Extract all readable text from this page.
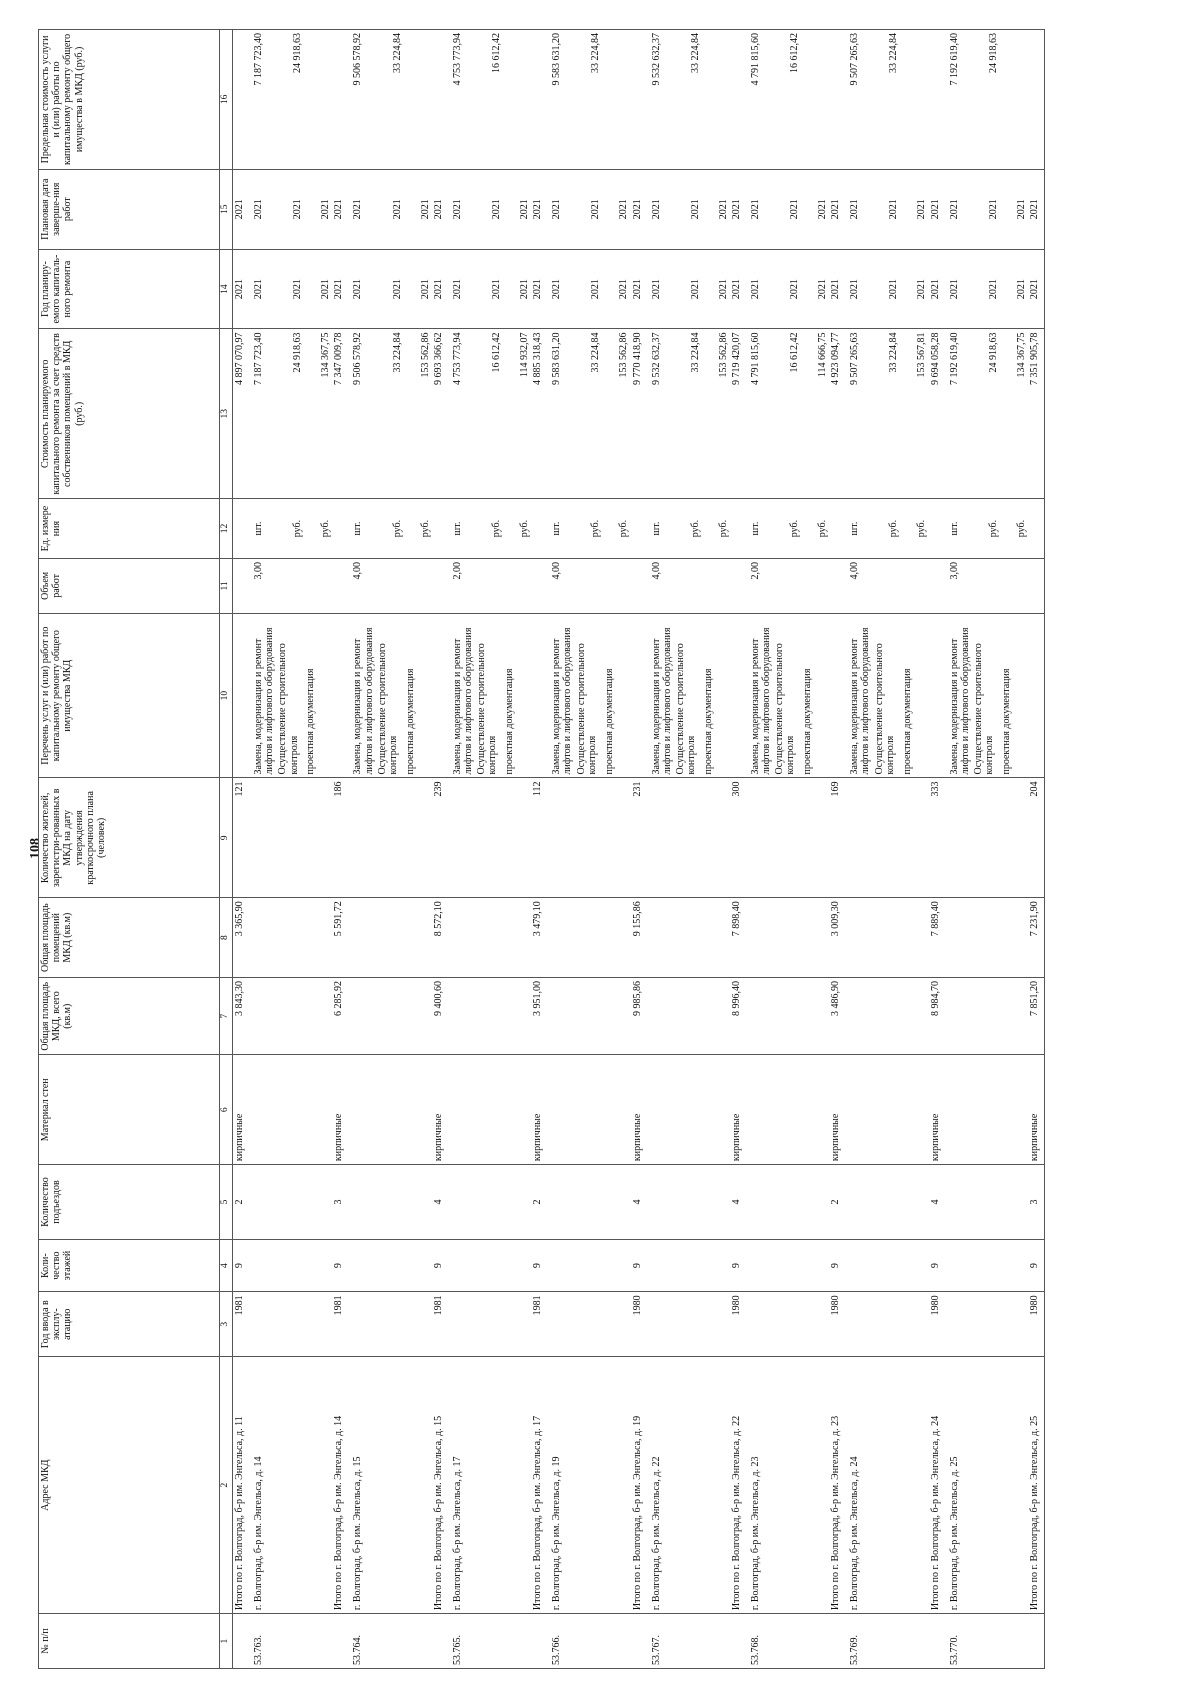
108
№ п/п	Адрес МКД	Год ввода в эксплу-атацию	Коли-чество этажей	Количество подъездов	Материал стен	Общая площадь МКД, всего (кв.м)	Общая площадь помещений МКД (кв.м)	Количество жителей, зарегистри-рованных в МКД на дату утверждения краткосрочного плана (человек)	Перечень услуг и (или) работ по капитальному ремонту общего имущества МКД	Объем работ	Ед. измере ния	Стоимость планируемого капитального ремонта за счет средств собственников помещений в МКД (руб.)	Год планиру-емого капиталь-ного ремонта	Плановая дата заверше-ния работ	Предельная стоимость услуги и (или) работы по капитальному ремонту общего имущества в МКД (руб.)
1	2	3	4	5	6	7	8	9	10	11	12	13	14	15	16
	Итого по г. Волгоград, б-р им. Энгельса, д. 11	1981	9	2	кирпичные	3 843,30	3 365,90	121				4 897 070,97	2021	2021	
53.763.	г. Волгоград, б-р им. Энгельса, д. 14								Замена, модернизация и ремонт лифтов и лифтового оборудования	3,00	шт.	7 187 723,40	2021	2021	7 187 723,40
									Осуществление строительного контроля		руб.	24 918,63	2021	2021	24 918,63
									проектная документация		руб.	134 367,75	2021	2021	
	Итого по г. Волгоград, б-р им. Энгельса, д. 14	1981	9	3	кирпичные	6 285,92	5 591,72	186				7 347 009,78	2021	2021	
53.764.	г. Волгоград, б-р им. Энгельса, д. 15								Замена, модернизация и ремонт лифтов и лифтового оборудования	4,00	шт.	9 506 578,92	2021	2021	9 506 578,92
									Осуществление строительного контроля		руб.	33 224,84	2021	2021	33 224,84
									проектная документация		руб.	153 562,86	2021	2021	
	Итого по г. Волгоград, б-р им. Энгельса, д. 15	1981	9	4	кирпичные	9 400,60	8 572,10	239				9 693 366,62	2021	2021	
53.765.	г. Волгоград, б-р им. Энгельса, д. 17								Замена, модернизация и ремонт лифтов и лифтового оборудования	2,00	шт.	4 753 773,94	2021	2021	4 753 773,94
									Осуществление строительного контроля		руб.	16 612,42	2021	2021	16 612,42
									проектная документация		руб.	114 932,07	2021	2021	
	Итого по г. Волгоград, б-р им. Энгельса, д. 17	1981	9	2	кирпичные	3 951,00	3 479,10	112				4 885 318,43	2021	2021	
53.766.	г. Волгоград, б-р им. Энгельса, д. 19								Замена, модернизация и ремонт лифтов и лифтового оборудования	4,00	шт.	9 583 631,20	2021	2021	9 583 631,20
									Осуществление строительного контроля		руб.	33 224,84	2021	2021	33 224,84
									проектная документация		руб.	153 562,86	2021	2021	
	Итого по г. Волгоград, б-р им. Энгельса, д. 19	1980	9	4	кирпичные	9 985,86	9 155,86	231				9 770 418,90	2021	2021	
53.767.	г. Волгоград, б-р им. Энгельса, д. 22								Замена, модернизация и ремонт лифтов и лифтового оборудования	4,00	шт.	9 532 632,37	2021	2021	9 532 632,37
									Осуществление строительного контроля		руб.	33 224,84	2021	2021	33 224,84
									проектная документация		руб.	153 562,86	2021	2021	
	Итого по г. Волгоград, б-р им. Энгельса, д. 22	1980	9	4	кирпичные	8 996,40	7 898,40	300				9 719 420,07	2021	2021	
53.768.	г. Волгоград, б-р им. Энгельса, д. 23								Замена, модернизация и ремонт лифтов и лифтового оборудования	2,00	шт.	4 791 815,60	2021	2021	4 791 815,60
									Осуществление строительного контроля		руб.	16 612,42	2021	2021	16 612,42
									проектная документация		руб.	114 666,75	2021	2021	
	Итого по г. Волгоград, б-р им. Энгельса, д. 23	1980	9	2	кирпичные	3 486,90	3 009,30	169				4 923 094,77	2021	2021	
53.769.	г. Волгоград, б-р им. Энгельса, д. 24								Замена, модернизация и ремонт лифтов и лифтового оборудования	4,00	шт.	9 507 265,63	2021	2021	9 507 265,63
									Осуществление строительного контроля		руб.	33 224,84	2021	2021	33 224,84
									проектная документация		руб.	153 567,81	2021	2021	
	Итого по г. Волгоград, б-р им. Энгельса, д. 24	1980	9	4	кирпичные	8 984,70	7 889,40	333				9 694 058,28	2021	2021	
53.770.	г. Волгоград, б-р им. Энгельса, д. 25								Замена, модернизация и ремонт лифтов и лифтового оборудования	3,00	шт.	7 192 619,40	2021	2021	7 192 619,40
									Осуществление строительного контроля		руб.	24 918,63	2021	2021	24 918,63
									проектная документация		руб.	134 367,75	2021	2021	
	Итого по г. Волгоград, б-р им. Энгельса, д. 25	1980	9	3	кирпичные	7 851,20	7 231,90	204				7 351 905,78	2021	2021	
